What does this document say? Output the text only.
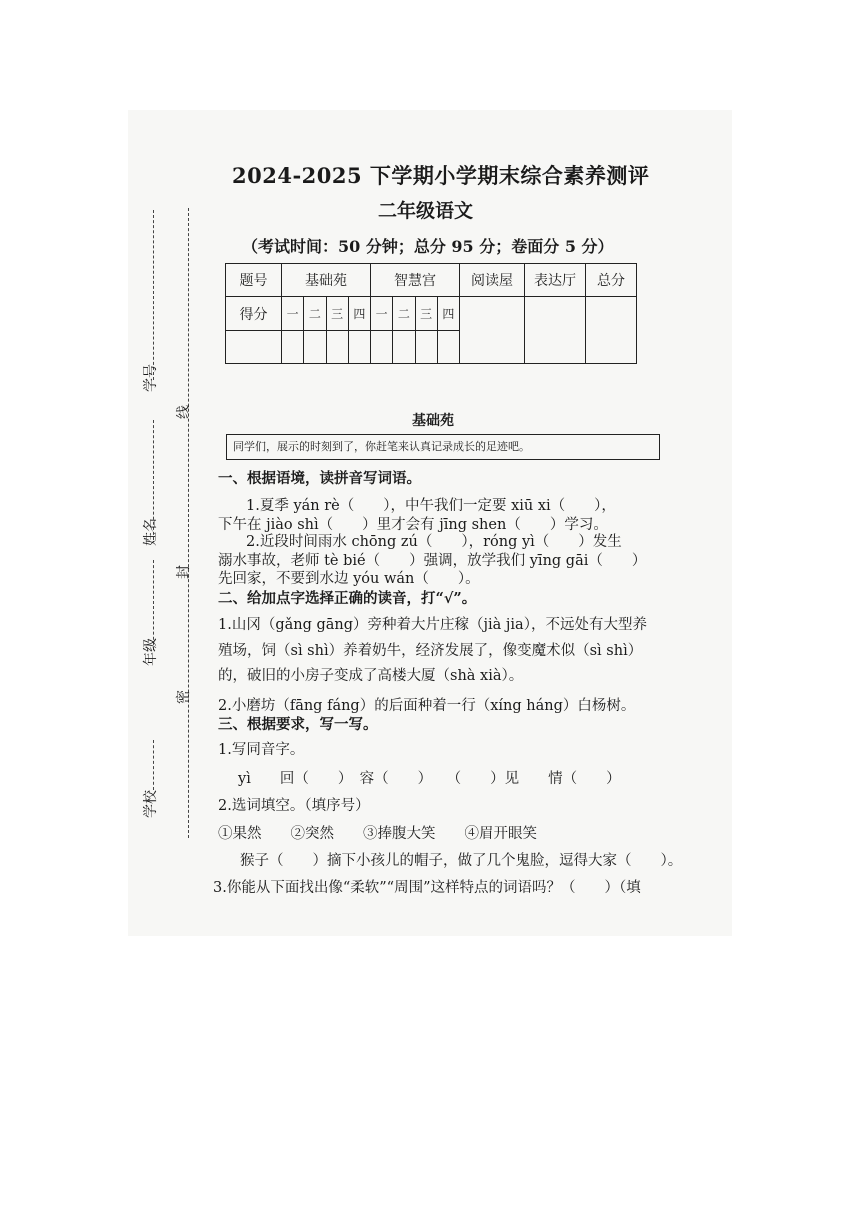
2024-2025 下学期小学期末综合素养测评
二年级语文
（考试时间：50 分钟；总分 95 分；卷面分 5 分）
题号	基础苑				智慧宫				阅读屋	表达厅	总分
得分	一	二	三	四	一	二	三	四			

学号
姓名
年级
学校
线
封
密
基础苑
同学们，展示的时刻到了，你赶笔来认真记录成长的足迹吧。
一、根据语境，读拼音写词语。
1.夏季 yán rè（　　），中午我们一定要 xiū xi（　　），
下午在 jiào shì（　　）里才会有 jīng shen（　　）学习。
2.近段时间雨水 chōng zú（　　），róng yì（　　）发生
溺水事故，老师 tè bié（　　）强调，放学我们 yīng gāi（　　）
先回家，不要到水边 yóu wán（　　）。
二、给加点字选择正确的读音，打“√”。
1.山冈（gǎng gāng）旁种着大片庄稼（jià jia），不远处有大型养
殖场，饲（sì shì）养着奶牛，经济发展了，像变魔术似（sì shì）
的，破旧的小房子变成了高楼大厦（shà xià）。
2.小磨坊（fāng fáng）的后面种着一行（xíng háng）白杨树。
三、根据要求，写一写。
1.写同音字。
yì　　回（　　）　容（　　）　　（　　）见　　情（　　）
2.选词填空。（填序号）
①果然　　②突然　　③捧腹大笑　　④眉开眼笑
猴子（　　）摘下小孩儿的帽子，做了几个鬼脸，逗得大家（　　）。
3.你能从下面找出像“柔软”“周围”这样特点的词语吗？（　　）（填
